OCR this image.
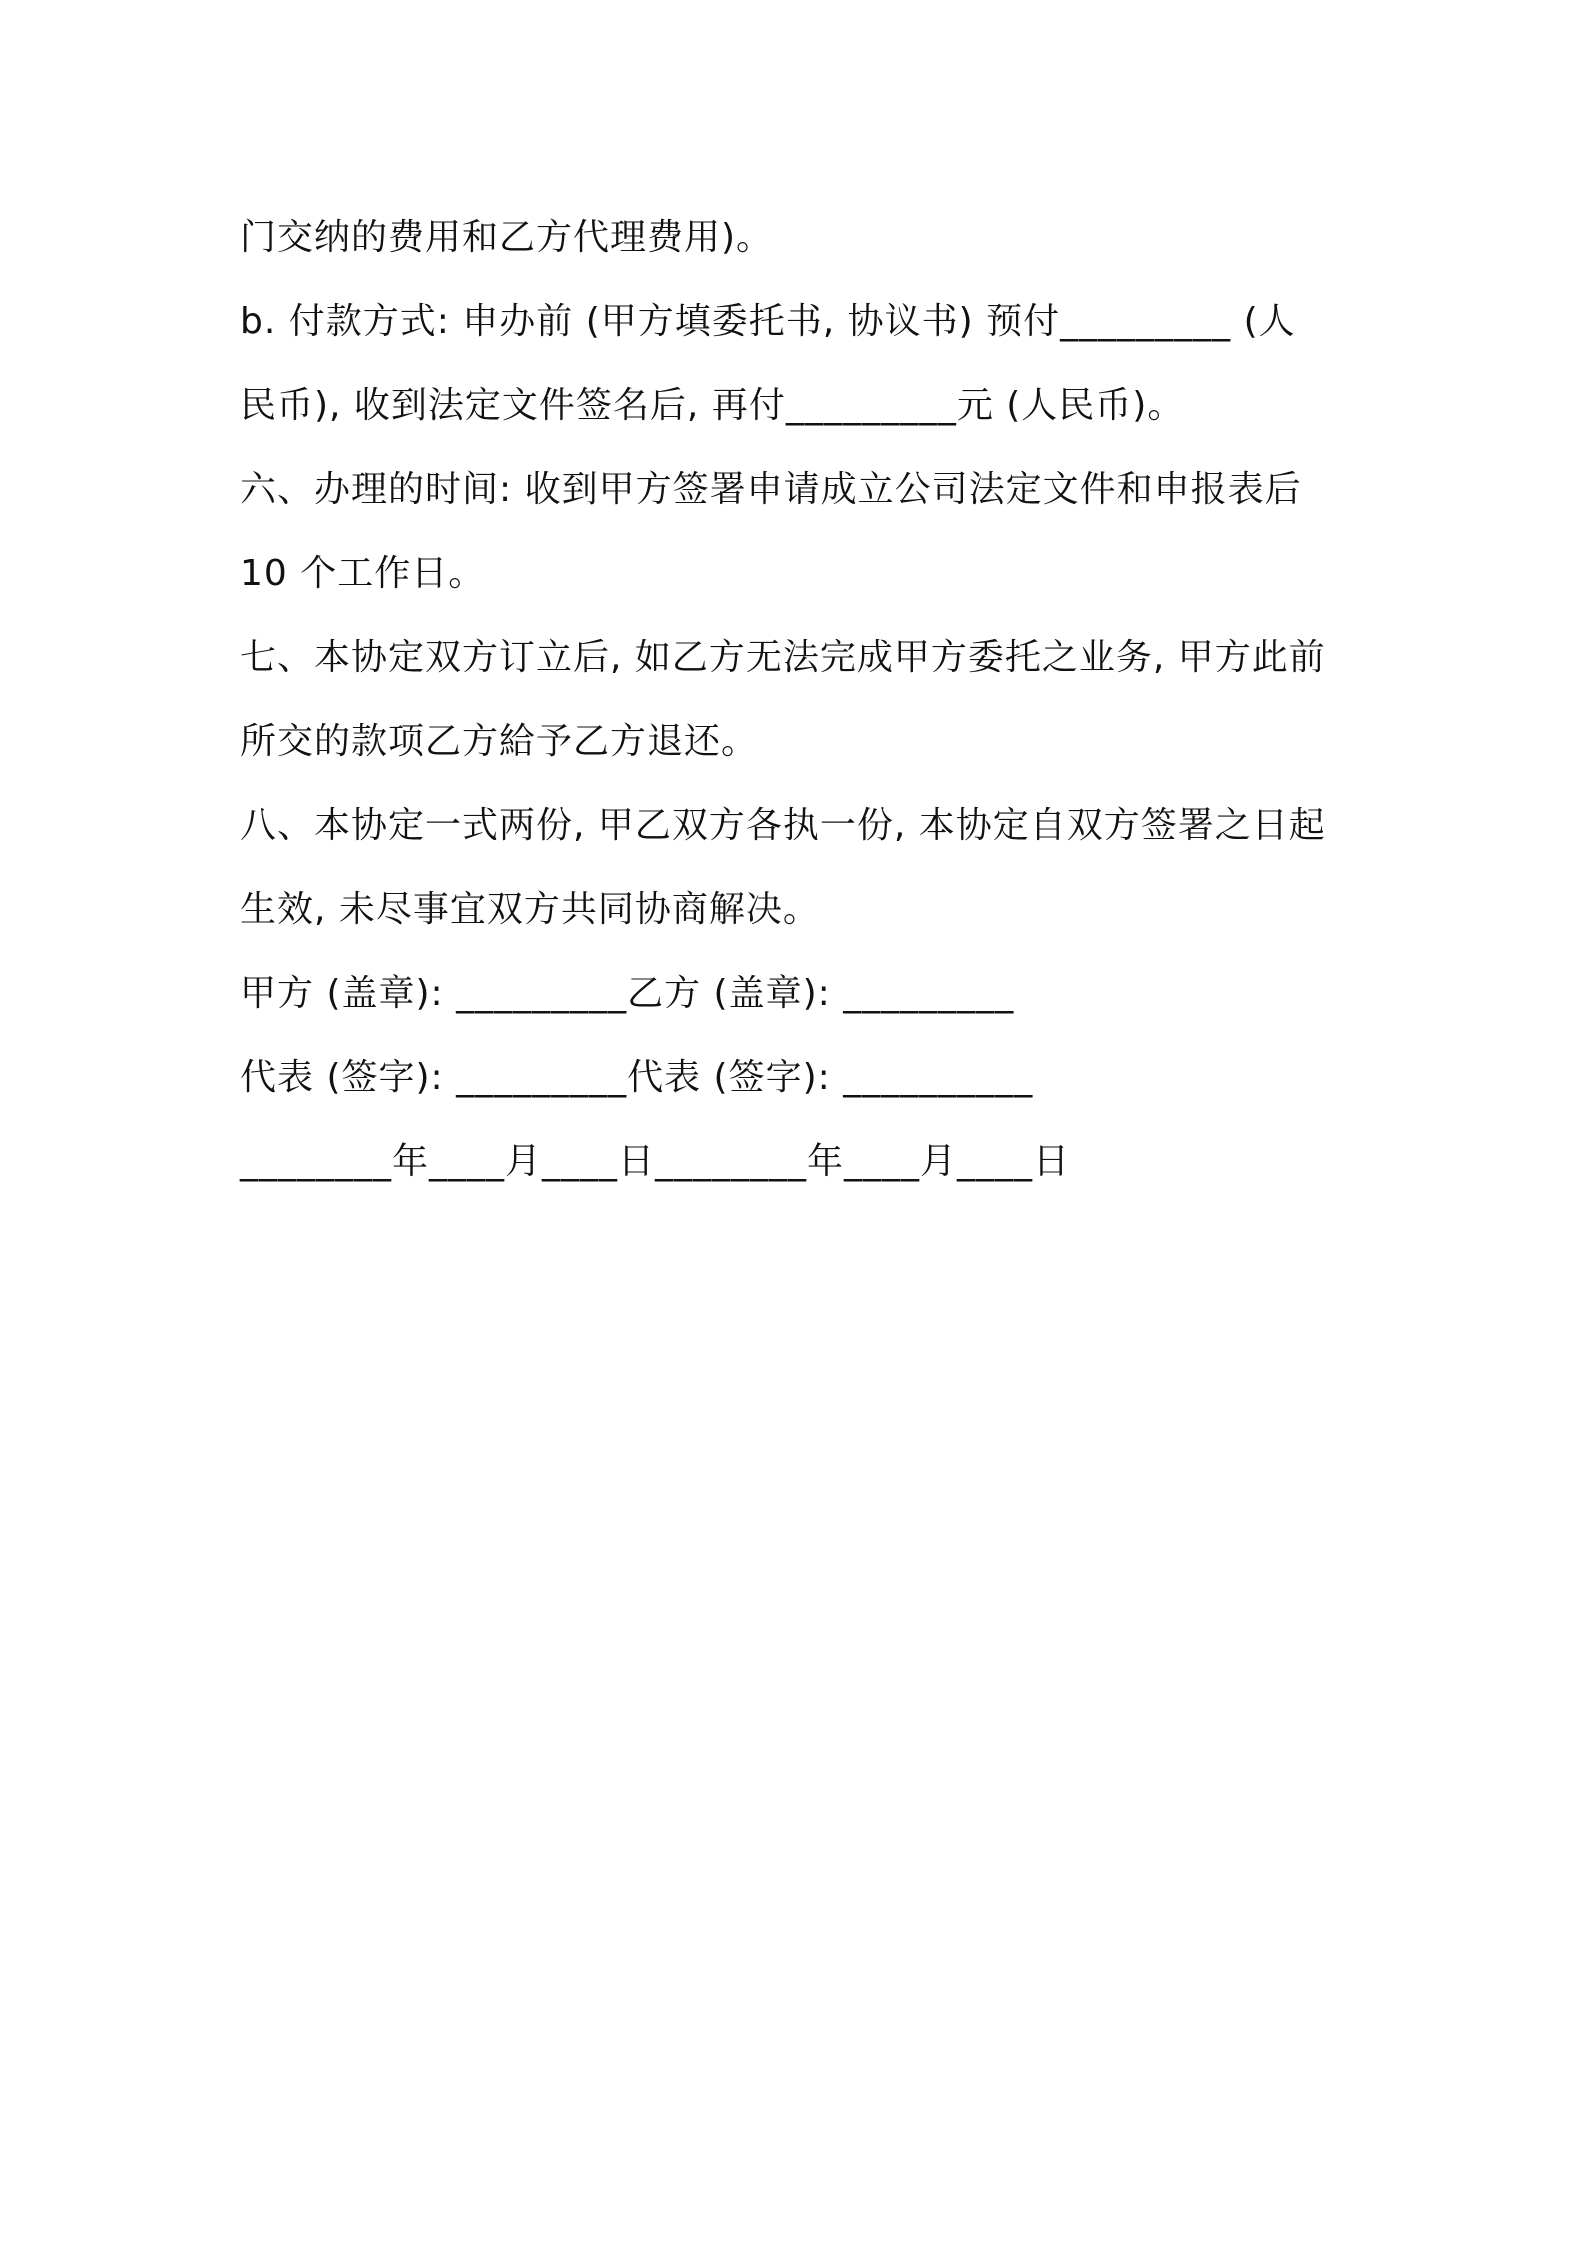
门交纳的费用和乙方代理费用)。

b. 付款方式: 申办前 (甲方填委托书, 协议书) 预付_________ (人

民币), 收到法定文件签名后, 再付_________元 (人民币)。

六、办理的时间: 收到甲方签署申请成立公司法定文件和申报表后

10 个工作日。

七、本协定双方订立后, 如乙方无法完成甲方委托之业务, 甲方此前

所交的款项乙方給予乙方退还。

八、本协定一式两份, 甲乙双方各执一份, 本协定自双方签署之日起

生效, 未尽事宜双方共同协商解决。

甲方 (盖章): _________乙方 (盖章): _________

代表 (签字): _________代表 (签字): __________

________年____月____日________年____月____日
